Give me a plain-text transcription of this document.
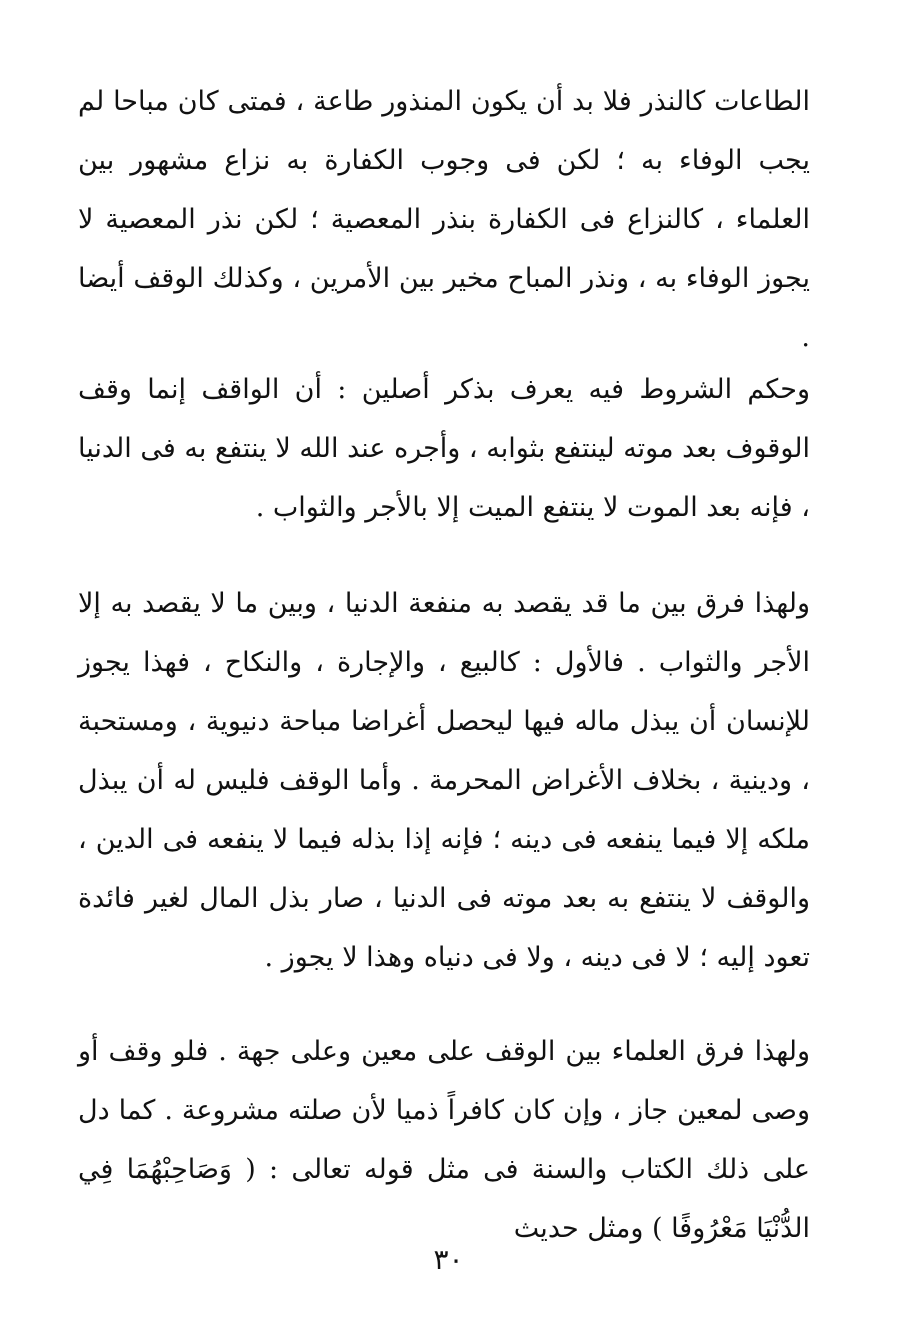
الطاعات كالنذر فلا بد أن يكون المنذور طاعة ، فمتى كان مباحا لم يجب الوفاء به ؛ لكن فى وجوب الكفارة به نزاع مشهور بين العلماء ، كالنزاع فى الكفارة بنذر المعصية ؛ لكن نذر المعصية لا يجوز الوفاء به ، ونذر المباح مخير بين الأمرين ، وكذلك الوقف أيضا .

وحكم الشروط فيه يعرف بذكر أصلين : أن الواقف إنما وقف الوقوف بعد موته لينتفع بثوابه ، وأجره عند الله لا ينتفع به فى الدنيا ، فإنه بعد الموت لا ينتفع الميت إلا بالأجر والثواب .

ولهذا فرق بين ما قد يقصد به منفعة الدنيا ، وبين ما لا يقصد به إلا الأجر والثواب . فالأول : كالبيع ، والإجارة ، والنكاح ، فهذا يجوز للإنسان أن يبذل ماله فيها ليحصل أغراضا مباحة دنيوية ، ومستحبة ، ودينية ، بخلاف الأغراض المحرمة . وأما الوقف فليس له أن يبذل ملكه إلا فيما ينفعه فى دينه ؛ فإنه إذا بذله فيما لا ينفعه فى الدين ، والوقف لا ينتفع به بعد موته فى الدنيا ، صار بذل المال لغير فائدة تعود إليه ؛ لا فى دينه ، ولا فى دنياه وهذا لا يجوز .

ولهذا فرق العلماء بين الوقف على معين وعلى جهة . فلو وقف أو وصى لمعين جاز ، وإن كان كافراً ذميا لأن صلته مشروعة . كما دل على ذلك الكتاب والسنة فى مثل قوله تعالى : ( وَصَاحِبْهُمَا فِي الدُّنْيَا مَعْرُوفًا ) ومثل حديث

٣٠
